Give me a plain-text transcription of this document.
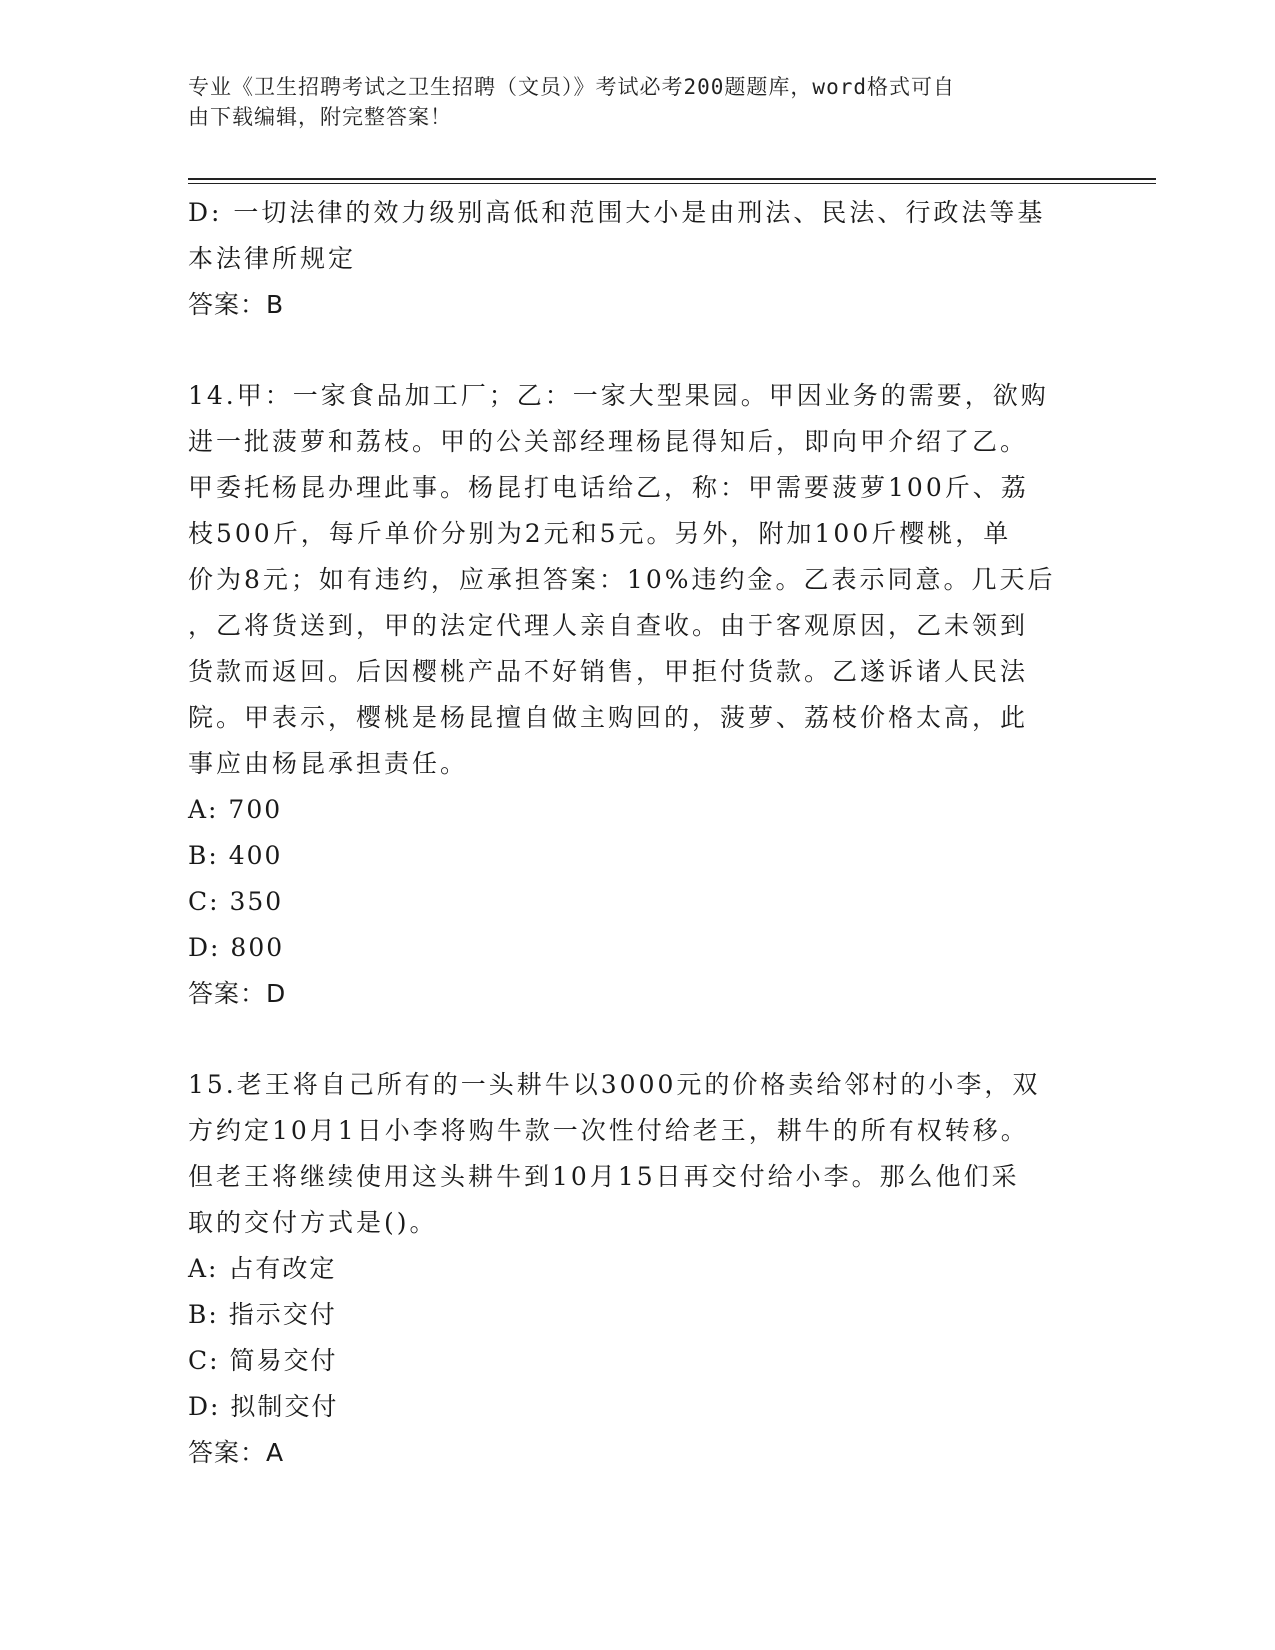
专业《卫生招聘考试之卫生招聘（文员）》考试必考200题题库，word格式可自
由下载编辑，附完整答案！

D: 一切法律的效力级别高低和范围大小是由刑法、民法、行政法等基
本法律所规定

答案：B

14.甲：一家食品加工厂；乙：一家大型果园。甲因业务的需要，欲购
进一批菠萝和荔枝。甲的公关部经理杨昆得知后，即向甲介绍了乙。
甲委托杨昆办理此事。杨昆打电话给乙，称：甲需要菠萝100斤、荔
枝500斤，每斤单价分别为2元和5元。另外，附加100斤樱桃，单
价为8元；如有违约，应承担答案：10%违约金。乙表示同意。几天后
，乙将货送到，甲的法定代理人亲自查收。由于客观原因，乙未领到
货款而返回。后因樱桃产品不好销售，甲拒付货款。乙遂诉诸人民法
院。甲表示，樱桃是杨昆擅自做主购回的，菠萝、荔枝价格太高，此
事应由杨昆承担责任。

A: 700

B: 400

C: 350

D: 800

答案：D

15.老王将自己所有的一头耕牛以3000元的价格卖给邻村的小李，双
方约定10月1日小李将购牛款一次性付给老王，耕牛的所有权转移。
但老王将继续使用这头耕牛到10月15日再交付给小李。那么他们采
取的交付方式是()。

A: 占有改定

B: 指示交付

C: 简易交付

D: 拟制交付

答案：A
